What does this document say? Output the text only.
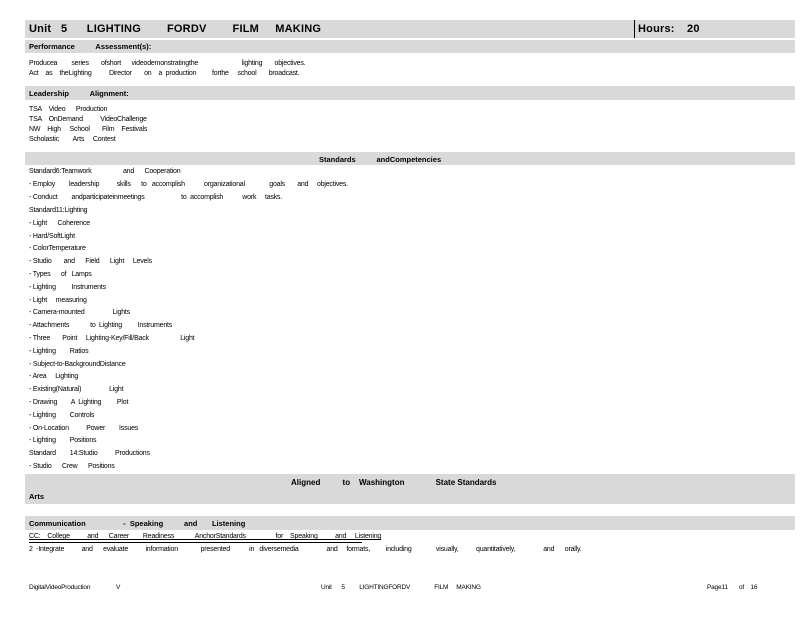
Unit   5      LIGHTING        FORDV        FILM     MAKING	Hours: 20
Performance          Assessment(s):
Producea        series       ofshort      videodemonstratingthe                         lighting       objectives.
Act    as    theLighting          Director       on    a  production         forthe     school       broadcast.
Leadership          Alignment:
TSA    Video      Production
TSA    OnDemand          VideoChallenge
NW    High     School       Film    Festivals
Scholastic        Arts     Contest
Standards          andCompetencies
Standard6:Teamwork                  and      Cooperation
- Employ        leadership          skills      to   accomplish           organizational              goals       and     objectives.
- Conduct        andparticipateinmeetings                     to  accomplish           work     tasks.
Standard11:Lighting
- Light      Coherence
- Hard/SoftLight
- ColorTemperature
- Studio       and      Field      Light     Levels
- Types      of   Lamps
- Lighting         Instruments
- Light     measuring
- Camera-mounted                Lights
- Attachments            to  Lighting         Instruments
- Three       Point     Lighting-Key/Fill/Back                  Light
- Lighting        Ratios
- Subject-to-BackgroundDistance
- Area     Lighting
- Existing(Natural)                Light
- Drawing        A  Lighting         Plot
- Lighting        Controls
- On-Location          Power        Issues
- Lighting        Positions
Standard        14:Studio          Productions
- Studio      Crew      Positions
Aligned          to    Washington              State Standards
Arts
Communication                  -  Speaking          and       Listening
CC:    College          and      Career        Readiness            AnchorStandards                 for    Speaking          and     Listening
2  -Integrate          and      evaluate          information             presented           in   diversemedia                and     formats,         including              visually,          quantitatively,                and      orally.
DigitalVideoProduction                V	Unit      5         LIGHTINGFORDV               FILM     MAKING	Page11       of    16
